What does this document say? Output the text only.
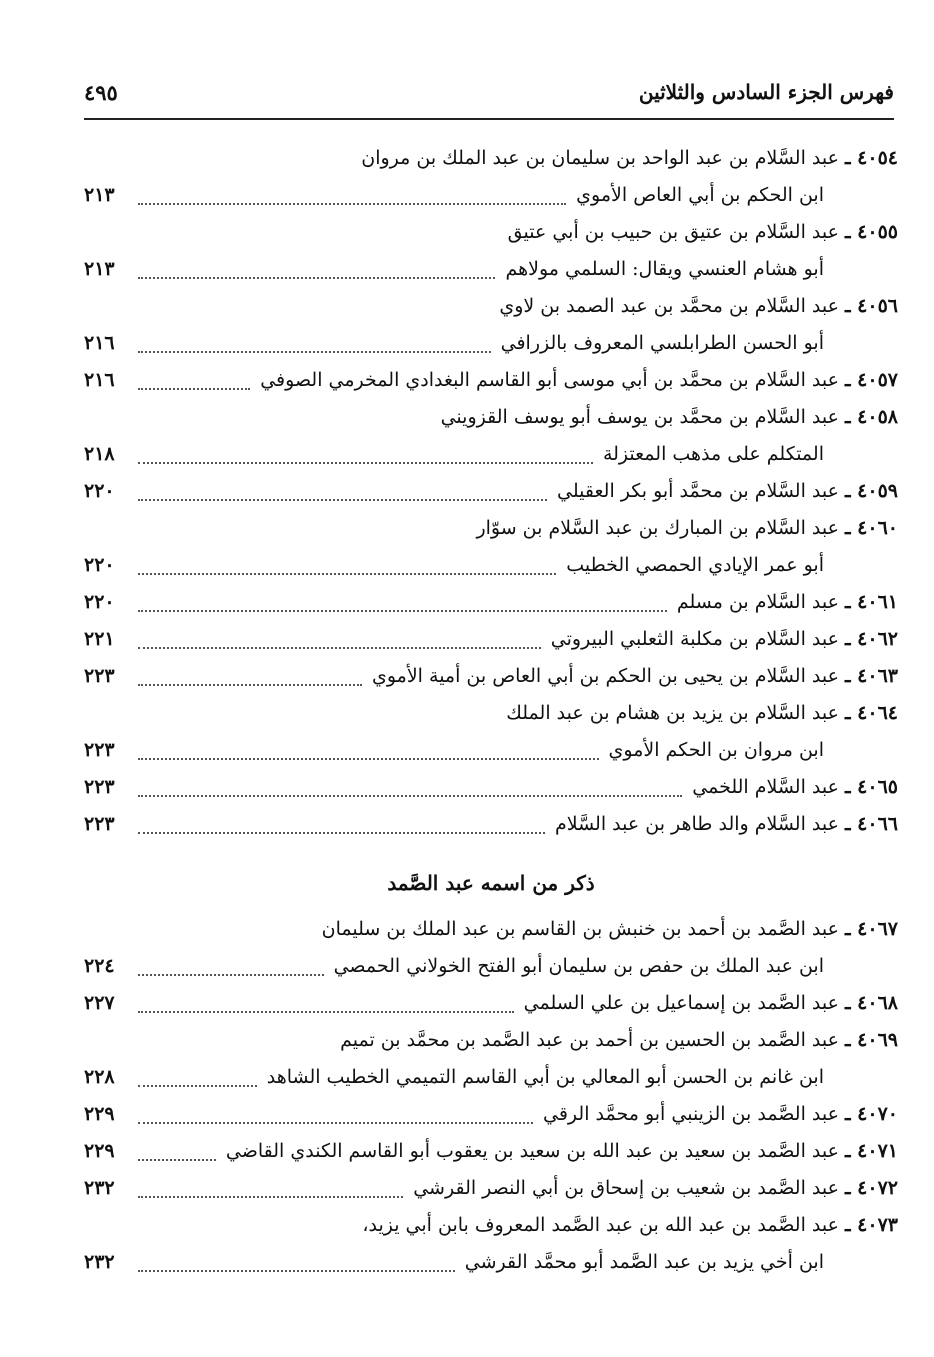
فهرس الجزء السادس والثلاثين
٤٩٥
٤٠٥٤ ـ

عبد السَّلام بن عبد الواحد بن سليمان بن عبد الملك بن مروان
ابن الحكم بن أبي العاص الأموي
٢١٣
٤٠٥٥ ـ

عبد السَّلام بن عتيق بن حبيب بن أبي عتيق
أبو هشام العنسي ويقال: السلمي مولاهم
٢١٣
٤٠٥٦ ـ

عبد السَّلام بن محمَّد بن عبد الصمد بن لاوي
أبو الحسن الطرابلسي المعروف بالزرافي
٢١٦
٤٠٥٧ ـ

عبد السَّلام بن محمَّد بن أبي موسى أبو القاسم البغدادي المخرمي الصوفي
٢١٦
٤٠٥٨ ـ

عبد السَّلام بن محمَّد بن يوسف أبو يوسف القزويني
المتكلم على مذهب المعتزلة
٢١٨
٤٠٥٩ ـ

عبد السَّلام بن محمَّد أبو بكر العقيلي
٢٢٠
٤٠٦٠ ـ

عبد السَّلام بن المبارك بن عبد السَّلام بن سوّار
أبو عمر الإيادي الحمصي الخطيب
٢٢٠
٤٠٦١ ـ

عبد السَّلام بن مسلم
٢٢٠
٤٠٦٢ ـ

عبد السَّلام بن مكلبة الثعلبي البيروتي
٢٢١
٤٠٦٣ ـ

عبد السَّلام بن يحيى بن الحكم بن أبي العاص بن أمية الأموي
٢٢٣
٤٠٦٤ ـ

عبد السَّلام بن يزيد بن هشام بن عبد الملك
ابن مروان بن الحكم الأموي
٢٢٣
٤٠٦٥ ـ

عبد السَّلام اللخمي
٢٢٣
٤٠٦٦ ـ

عبد السَّلام والد طاهر بن عبد السَّلام
٢٢٣
ذكر من اسمه عبد الصَّمد
٤٠٦٧ ـ

عبد الصَّمد بن أحمد بن خنبش بن القاسم بن عبد الملك بن سليمان
ابن عبد الملك بن حفص بن سليمان أبو الفتح الخولاني الحمصي
٢٢٤
٤٠٦٨ ـ

عبد الصَّمد بن إسماعيل بن علي السلمي
٢٢٧
٤٠٦٩ ـ

عبد الصَّمد بن الحسين بن أحمد بن عبد الصَّمد بن محمَّد بن تميم
ابن غانم بن الحسن أبو المعالي بن أبي القاسم التميمي الخطيب الشاهد
٢٢٨
٤٠٧٠ ـ

عبد الصَّمد بن الزينبي أبو محمَّد الرقي
٢٢٩
٤٠٧١ ـ

عبد الصَّمد بن سعيد بن عبد الله بن سعيد بن يعقوب أبو القاسم الكندي القاضي
٢٢٩
٤٠٧٢ ـ

عبد الصَّمد بن شعيب بن إسحاق بن أبي النصر القرشي
٢٣٢
٤٠٧٣ ـ

عبد الصَّمد بن عبد الله بن عبد الصَّمد المعروف بابن أبي يزيد،
ابن أخي يزيد بن عبد الصَّمد أبو محمَّد القرشي
٢٣٢
